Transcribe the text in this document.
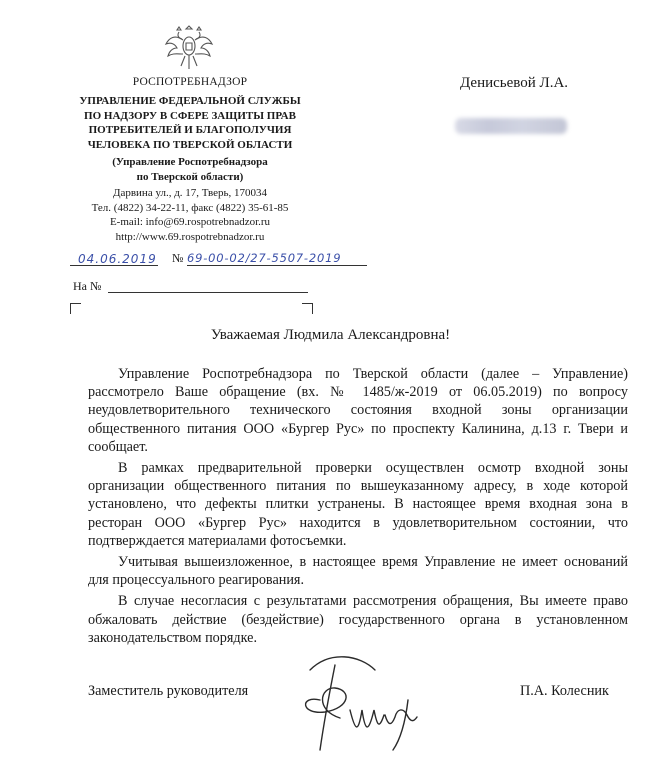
РОСПОТРЕБНАДЗОР
УПРАВЛЕНИЕ ФЕДЕРАЛЬНОЙ СЛУЖБЫ
ПО НАДЗОРУ В СФЕРЕ ЗАЩИТЫ ПРАВ
ПОТРЕБИТЕЛЕЙ И БЛАГОПОЛУЧИЯ
ЧЕЛОВЕКА ПО ТВЕРСКОЙ ОБЛАСТИ
(Управление Роспотребнадзора
по Тверской области)
Дарвина ул., д. 17, Тверь, 170034
Тел. (4822) 34-22-11, факс (4822) 35-61-85
E-mail: info@69.rospotrebnadzor.ru
http://www.69.rospotrebnadzor.ru
04.06.2019 № 69-00-02/27-5507-2019
На №
Денисьевой Л.А.
Уважаемая Людмила Александровна!

Управление Роспотребнадзора по Тверской области (далее – Управление) рассмотрело Ваше обращение (вх. № 1485/ж-2019 от 06.05.2019) по вопросу неудовлетворительного технического состояния входной зоны организации общественного питания ООО «Бургер Рус» по проспекту Калинина, д.13 г. Твери и сообщает.

В рамках предварительной проверки осуществлен осмотр входной зоны организации общественного питания по вышеуказанному адресу, в ходе которой установлено, что дефекты плитки устранены. В настоящее время входная зона в ресторан ООО «Бургер Рус» находится в удовлетворительном состоянии, что подтверждается материалами фотосъемки.

Учитывая вышеизложенное, в настоящее время Управление не имеет оснований для процессуального реагирования.

В случае несогласия с результатами рассмотрения обращения, Вы имеете право обжаловать действие (бездействие) государственного органа в установленном законодательством порядке.

Заместитель руководителя	П.А. Колесник
